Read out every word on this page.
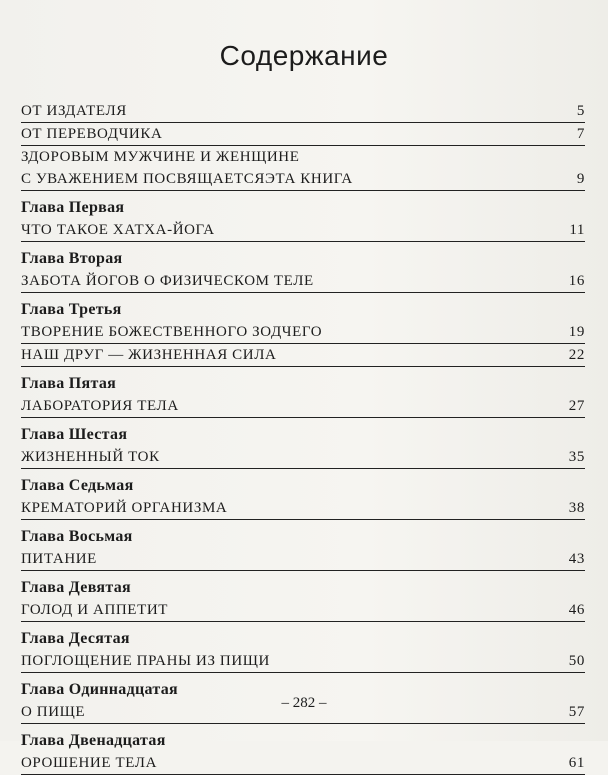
Содержание
ОТ ИЗДАТЕЛЯ	5
ОТ ПЕРЕВОДЧИКА	7
ЗДОРОВЫМ МУЖЧИНЕ И ЖЕНЩИНЕ
С УВАЖЕНИЕМ ПОСВЯЩАЕТСЯЭТА КНИГА	9
Глава Первая
ЧТО ТАКОЕ ХАТХА-ЙОГА	11
Глава Вторая
ЗАБОТА ЙОГОВ О ФИЗИЧЕСКОМ ТЕЛЕ	16
Глава Третья
ТВОРЕНИЕ БОЖЕСТВЕННОГО ЗОДЧЕГО	19
НАШ ДРУГ — ЖИЗНЕННАЯ СИЛА	22
Глава Пятая
ЛАБОРАТОРИЯ ТЕЛА	27
Глава Шестая
ЖИЗНЕННЫЙ ТОК	35
Глава Седьмая
КРЕМАТОРИЙ ОРГАНИЗМА	38
Глава Восьмая
ПИТАНИЕ	43
Глава Девятая
ГОЛОД И АППЕТИТ	46
Глава Десятая
ПОГЛОЩЕНИЕ ПРАНЫ ИЗ ПИЩИ	50
Глава Одиннадцатая
О ПИЩЕ	57
Глава Двенадцатая
ОРОШЕНИЕ ТЕЛА	61
– 282 –
